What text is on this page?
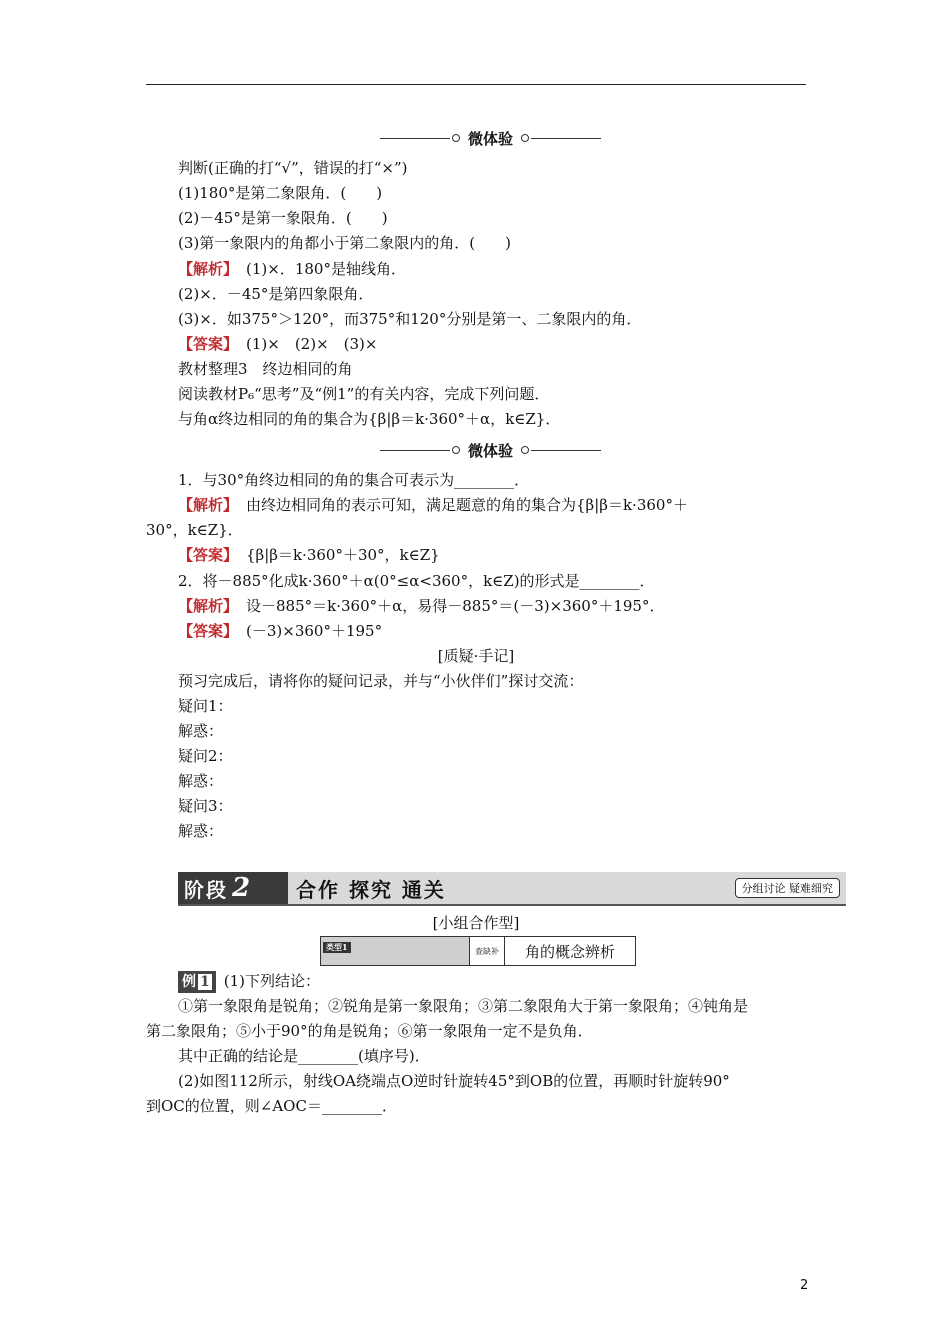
微体验
判断(正确的打“√”，错误的打“×”)
(1)180°是第二象限角．(　　)
(2)－45°是第一象限角．(　　)
(3)第一象限内的角都小于第二象限内的角．(　　)
【解析】 (1)×．180°是轴线角．
(2)×．－45°是第四象限角．
(3)×．如375°＞120°，而375°和120°分别是第一、二象限内的角．
【答案】 (1)×　(2)×　(3)×
教材整理3　终边相同的角
阅读教材P₆“思考”及“例1”的有关内容，完成下列问题．
与角α终边相同的角的集合为{β|β＝k·360°＋α，k∈Z}．
微体验
1．与30°角终边相同的角的集合可表示为________．
【解析】 由终边相同角的表示可知，满足题意的角的集合为{β|β＝k·360°＋
30°，k∈Z}．
【答案】 {β|β＝k·360°＋30°，k∈Z}
2．将－885°化成k·360°＋α(0°≤α<360°，k∈Z)的形式是________．
【解析】 设－885°＝k·360°＋α，易得－885°＝(－3)×360°＋195°．
【答案】 (－3)×360°＋195°
[质疑·手记]
预习完成后，请将你的疑问记录，并与“小伙伴们”探讨交流：
疑问1：
解惑：
疑问2：
解惑：
疑问3：
解惑：
阶段 2 合作 探究 通关	分组讨论 疑难细究
[小组合作型]
类型1	查缺补	角的概念辨析
例 1 (1)下列结论：
①第一象限角是锐角；②锐角是第一象限角；③第二象限角大于第一象限角；④钝角是
第二象限角；⑤小于90°的角是锐角；⑥第一象限角一定不是负角．
其中正确的结论是________(填序号)．
(2)如图112所示，射线OA绕端点O逆时针旋转45°到OB的位置，再顺时针旋转90°
到OC的位置，则∠AOC＝________．
2
